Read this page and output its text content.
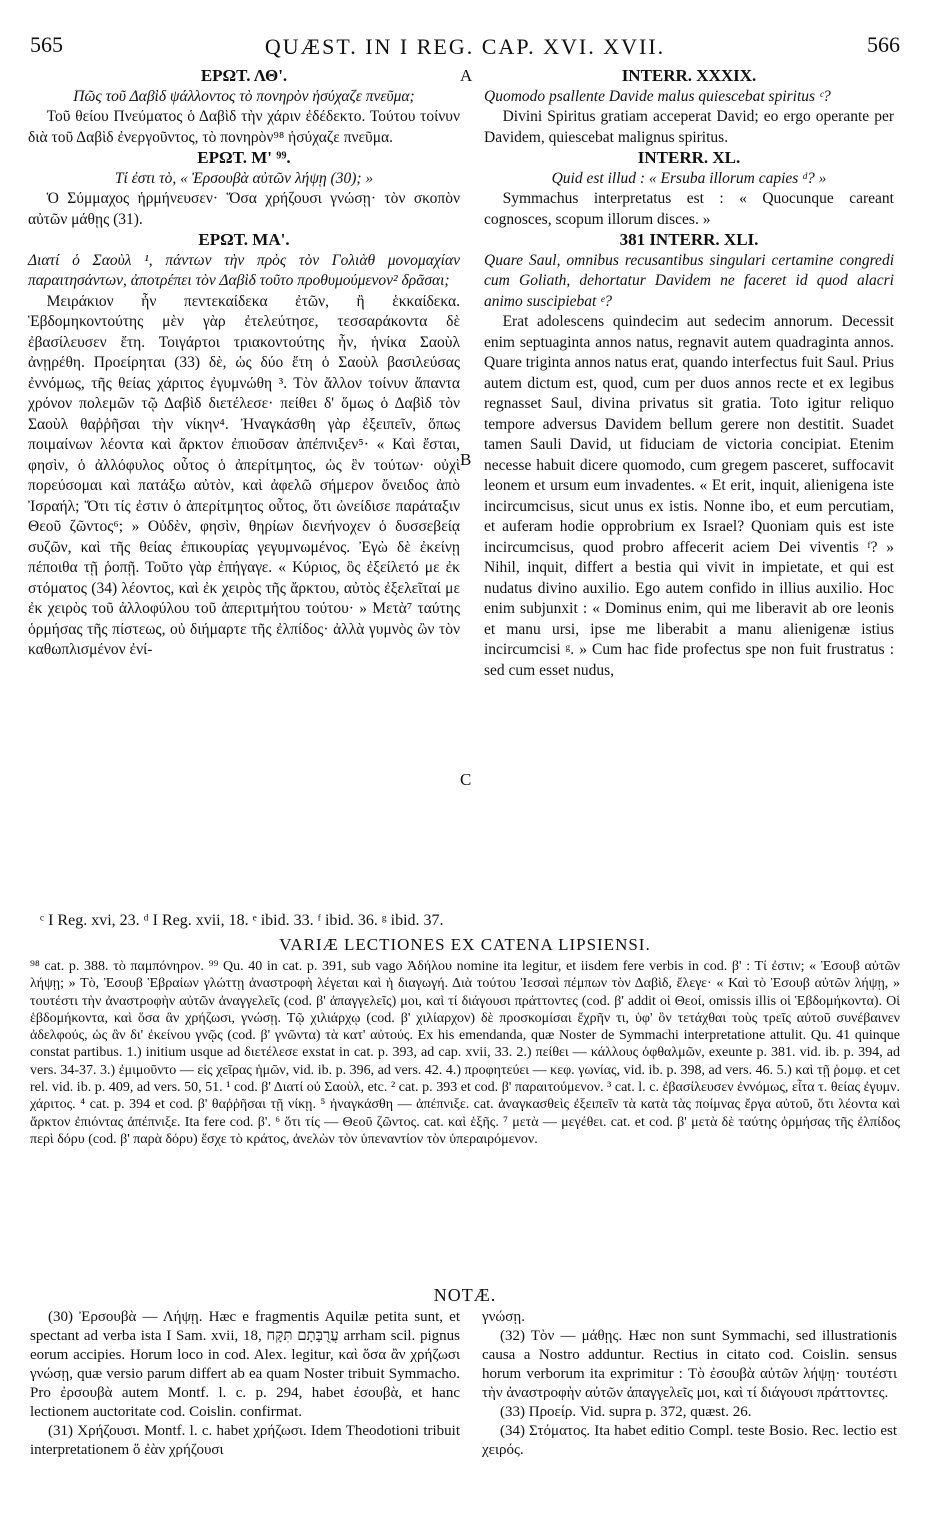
565	QUÆST. IN I REG. CAP. XVI. XVII.	566
A
B
C
ΕΡΩΤ. ΛΘ'.

Πῶς τοῦ Δαβὶδ ψάλλοντος τὸ πονηρὸν ἡσύχαζε πνεῦμα;

Τοῦ θείου Πνεύματος ὁ Δαβὶδ τὴν χάριν ἐδέδεκτο. Τούτου τοίνυν διὰ τοῦ Δαβὶδ ἐνεργοῦντος, τὸ πονηρὸν⁹⁸ ἡσύχαζε πνεῦμα.

ΕΡΩΤ. Μ' ⁹⁹.

Τί ἐστι τὸ, « Ἐρσουβὰ αὐτῶν λήψῃ (30); »

Ὁ Σύμμαχος ἡρμήνευσεν· Ὅσα χρήζουσι γνώσῃ· τὸν σκοπὸν αὐτῶν μάθῃς (31).

ΕΡΩΤ. ΜΑ'.

Διατί ὁ Σαοὺλ ¹, πάντων τὴν πρὸς τὸν Γολιὰθ μονομαχίαν παραιτησάντων, ἀποτρέπει τὸν Δαβὶδ τοῦτο προθυμούμενον² δρᾶσαι;

Μειράκιον ἦν πεντεκαίδεκα ἐτῶν, ἢ ἑκκαίδεκα. Ἑβδομηκοντούτης μὲν γὰρ ἐτελεύτησε, τεσσαράκοντα δὲ ἐβασίλευσεν ἔτη. Τοιγάρτοι τριακοντούτης ἦν, ἡνίκα Σαοὺλ ἀνῃρέθη. Προείρηται (33) δὲ, ὡς δύο ἔτη ὁ Σαοὺλ βασιλεύσας ἐννόμως, τῆς θείας χάριτος ἐγυμνώθη ³. Τὸν ἄλλον τοίνυν ἅπαντα χρόνον πολεμῶν τῷ Δαβὶδ διετέλεσε· πείθει δ' ὅμως ὁ Δαβὶδ τὸν Σαοὺλ θαῤῥῆσαι τὴν νίκην⁴. Ἠναγκάσθη γὰρ ἐξειπεῖν, ὅπως ποιμαίνων λέοντα καὶ ἄρκτον ἐπιοῦσαν ἀπέπνιξεν⁵· « Καὶ ἔσται, φησὶν, ὁ ἀλλόφυλος οὗτος ὁ ἀπερίτμητος, ὡς ἓν τούτων· οὐχὶ πορεύσομαι καὶ πατάξω αὐτὸν, καὶ ἀφελῶ σήμερον ὄνειδος ἀπὸ Ἰσραήλ; Ὅτι τίς ἐστιν ὁ ἀπερίτμητος οὗτος, ὅτι ὠνείδισε παράταξιν Θεοῦ ζῶντος⁶; » Οὐδὲν, φησὶν, θηρίων διενήνοχεν ὁ δυσσεβείᾳ συζῶν, καὶ τῆς θείας ἐπικουρίας γεγυμνωμένος. Ἐγὼ δὲ ἐκείνῃ πέποιθα τῇ ῥοπῇ. Τοῦτο γὰρ ἐπήγαγε. « Κύριος, ὃς ἐξείλετό με ἐκ στόματος (34) λέοντος, καὶ ἐκ χειρὸς τῆς ἄρκτου, αὐτὸς ἐξελεῖταί με ἐκ χειρὸς τοῦ ἀλλοφύλου τοῦ ἀπεριτμήτου τούτου· » Μετὰ⁷ ταύτης ὁρμήσας τῆς πίστεως, οὐ διήμαρτε τῆς ἐλπίδος· ἀλλὰ γυμνὸς ὢν τὸν καθωπλισμένον ἐνί-

INTERR. XXXIX.

Quomodo psallente Davide malus quiescebat spiritus ᶜ?

Divini Spiritus gratiam acceperat David; eo ergo operante per Davidem, quiescebat malignus spiritus.

INTERR. XL.

Quid est illud : « Ersuba illorum capies ᵈ? »

Symmachus interpretatus est : « Quocunque careant cognosces, scopum illorum disces. »

381 INTERR. XLI.

Quare Saul, omnibus recusantibus singulari certamine congredi cum Goliath, dehortatur Davidem ne faceret id quod alacri animo suscipiebat ᵉ?

Erat adolescens quindecim aut sedecim annorum. Decessit enim septuaginta annos natus, regnavit autem quadraginta annos. Quare triginta annos natus erat, quando interfectus fuit Saul. Prius autem dictum est, quod, cum per duos annos recte et ex legibus regnasset Saul, divina privatus sit gratia. Toto igitur reliquo tempore adversus Davidem bellum gerere non destitit. Suadet tamen Sauli David, ut fiduciam de victoria concipiat. Etenim necesse habuit dicere quomodo, cum gregem pasceret, suffocavit leonem et ursum eum invadentes. « Et erit, inquit, alienigena iste incircumcisus, sicut unus ex istis. Nonne ibo, et eum percutiam, et auferam hodie opprobrium ex Israel? Quoniam quis est iste incircumcisus, quod probro affecerit aciem Dei viventis ᶠ? » Nihil, inquit, differt a bestia qui vivit in impietate, et qui est nudatus divino auxilio. Ego autem confido in illius auxilio. Hoc enim subjunxit : « Dominus enim, qui me liberavit ab ore leonis et manu ursi, ipse me liberabit a manu alienigenæ istius incircumcisi ᵍ. » Cum hac fide profectus spe non fuit frustratus : sed cum esset nudus,

ᶜ I Reg. xvi, 23. ᵈ I Reg. xvii, 18. ᵉ ibid. 33. ᶠ ibid. 36. ᵍ ibid. 37.
VARIÆ LECTIONES EX CATENA LIPSIENSI.
⁹⁸ cat. p. 388. τὸ παμπόνηρον. ⁹⁹ Qu. 40 in cat. p. 391, sub vago Ἀδήλου nomine ita legitur, et iisdem fere verbis in cod. β' : Τί ἐστιν; « Ἐσουβ αὐτῶν λήψῃ; » Τὸ, Ἐσουβ Ἑβραίων γλώττῃ ἀναστροφὴ λέγεται καὶ ἡ διαγωγή. Διὰ τούτου Ἰεσσαὶ πέμπων τὸν Δαβὶδ, ἔλεγε· « Καὶ τὸ Ἐσουβ αὐτῶν λήψῃ, » τουτέστι τὴν ἀναστροφὴν αὐτῶν ἀναγγελεῖς (cod. β' ἀπαγγελεῖς) μοι, καὶ τί διάγουσι πράττοντες (cod. β' addit οἱ Θεοί, omissis illis οἱ Ἑβδομήκοντα). Οἱ ἑβδομήκοντα, καὶ ὅσα ἂν χρήζωσι, γνώσῃ. Τῷ χιλιάρχῳ (cod. β' χιλίαρχον) δὲ προσκομίσαι ἔχρῆν τι, ὑφ' ὃν τετάχθαι τοὺς τρεῖς αὐτοῦ συνέβαινεν ἀδελφούς, ὡς ἂν δι' ἐκείνου γνῷς (cod. β' γνῶντα) τὰ κατ' αὐτούς. Ex his emendanda, quæ Noster de Symmachi interpretatione attulit. Qu. 41 quinque constat partibus. 1.) initium usque ad διετέλεσε exstat in cat. p. 393, ad cap. xvii, 33. 2.) πείθει — κάλλους ὀφθαλμῶν, exeunte p. 381. vid. ib. p. 394, ad vers. 34-37. 3.) ἐμιμοῦντο — εἰς χεῖρας ἡμῶν, vid. ib. p. 396, ad vers. 42. 4.) προφητεύει — κεφ. γωνίας, vid. ib. p. 398, ad vers. 46. 5.) καὶ τῇ ῥομφ. et cet rel. vid. ib. p. 409, ad vers. 50, 51. ¹ cod. β' Διατί οὐ Σαοὺλ, etc. ² cat. p. 393 et cod. β' παραιτούμενον. ³ cat. l. c. ἐβασίλευσεν ἐννόμως, εἶτα τ. θείας ἐγυμν. χάριτος. ⁴ cat. p. 394 et cod. β' θαῤῥῆσαι τῇ νίκῃ. ⁵ ἠναγκάσθη — ἀπέπνιξε. cat. ἀναγκασθεὶς ἐξειπεῖν τὰ κατὰ τὰς ποίμνας ἔργα αὐτοῦ, ὅτι λέοντα καὶ ἄρκτον ἐπιόντας ἀπέπνιξε. Ita fere cod. β'. ⁶ ὅτι τίς — Θεοῦ ζῶντος. cat. καὶ ἑξῆς. ⁷ μετὰ — μεγέθει. cat. et cod. β' μετὰ δὲ ταύτης ὁρμήσας τῆς ἐλπίδος περὶ δόρυ (cod. β' παρὰ δόρυ) ἔσχε τὸ κράτος, ἀνελὼν τὸν ὑπεναντίον τὸν ὑπεραιρόμενον.
NOTÆ.

(30) Ἐρσουβὰ — Λήψῃ. Hæc e fragmentis Aquilæ petita sunt, et spectant ad verba ista I Sam. xvii, 18, עֲרֻבָּתָם תִּקָּח arrham scil. pignus eorum accipies. Horum loco in cod. Alex. legitur, καὶ ὅσα ἂν χρήζωσι γνώσῃ, quæ versio parum differt ab ea quam Noster tribuit Symmacho. Pro ἐρσουβὰ autem Montf. l. c. p. 294, habet ἐσουβὰ, et hanc lectionem auctoritate cod. Coislin. confirmat.

(31) Χρήζουσι. Montf. l. c. habet χρήζωσι. Idem Theodotioni tribuit interpretationem ὅ ἐὰν χρήζουσι

γνώσῃ.

(32) Τὸν — μάθῃς. Hæc non sunt Symmachi, sed illustrationis causa a Nostro adduntur. Rectius in citato cod. Coislin. sensus horum verborum ita exprimitur : Τὸ ἐσουβὰ αὐτῶν λήψῃ· τουτέστι τὴν ἀναστροφὴν αὐτῶν ἀπαγγελεῖς μοι, καὶ τί διάγουσι πράττοντες.

(33) Προείρ. Vid. supra p. 372, quæst. 26.

(34) Στόματος. Ita habet editio Compl. teste Bosio. Rec. lectio est χειρός.
